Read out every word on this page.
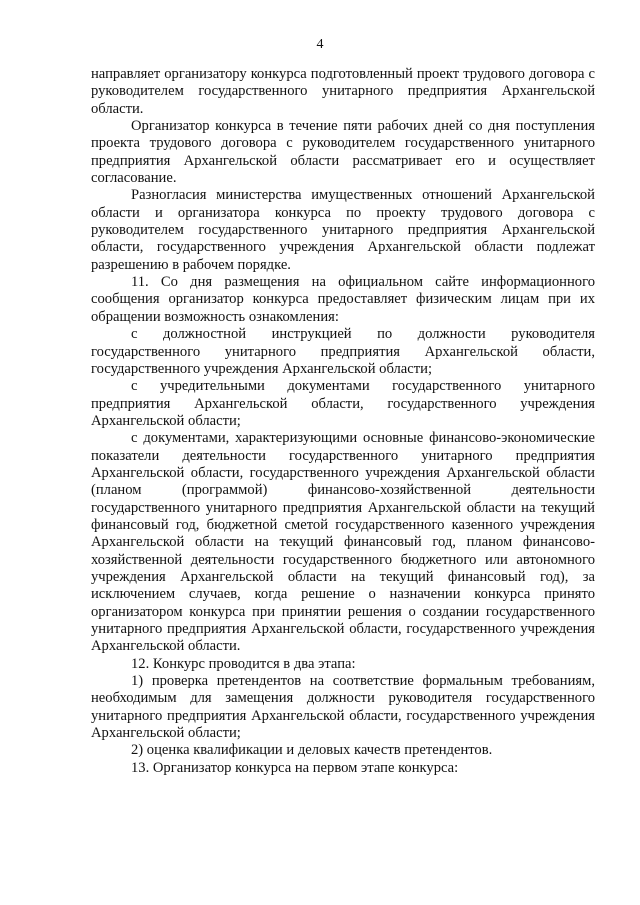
4

направляет организатору конкурса подготовленный проект трудового договора с руководителем государственного унитарного предприятия Архангельской области.

Организатор конкурса в течение пяти рабочих дней со дня поступления проекта трудового договора с руководителем государственного унитарного предприятия Архангельской области рассматривает его и осуществляет согласование.

Разногласия министерства имущественных отношений Архангельской области и организатора конкурса по проекту трудового договора с руководителем государственного унитарного предприятия Архангельской области, государственного учреждения Архангельской области подлежат разрешению в рабочем порядке.

11. Со дня размещения на официальном сайте информационного сообщения организатор конкурса предоставляет физическим лицам при их обращении возможность ознакомления:

с должностной инструкцией по должности руководителя государственного унитарного предприятия Архангельской области, государственного учреждения Архангельской области;

с учредительными документами государственного унитарного предприятия Архангельской области, государственного учреждения Архангельской области;

с документами, характеризующими основные финансово-экономические показатели деятельности государственного унитарного предприятия Архангельской области, государственного учреждения Архангельской области (планом (программой) финансово-хозяйственной деятельности государственного унитарного предприятия Архангельской области на текущий финансовый год, бюджетной сметой государственного казенного учреждения Архангельской области на текущий финансовый год, планом финансово-хозяйственной деятельности государственного бюджетного или автономного учреждения Архангельской области на текущий финансовый год), за исключением случаев, когда решение о назначении конкурса принято организатором конкурса при принятии решения о создании государственного унитарного предприятия Архангельской области, государственного учреждения Архангельской области.

12. Конкурс проводится в два этапа:

1) проверка претендентов на соответствие формальным требованиям, необходимым для замещения должности руководителя государственного унитарного предприятия Архангельской области, государственного учреждения Архангельской области;

2) оценка квалификации и деловых качеств претендентов.

13. Организатор конкурса на первом этапе конкурса:
